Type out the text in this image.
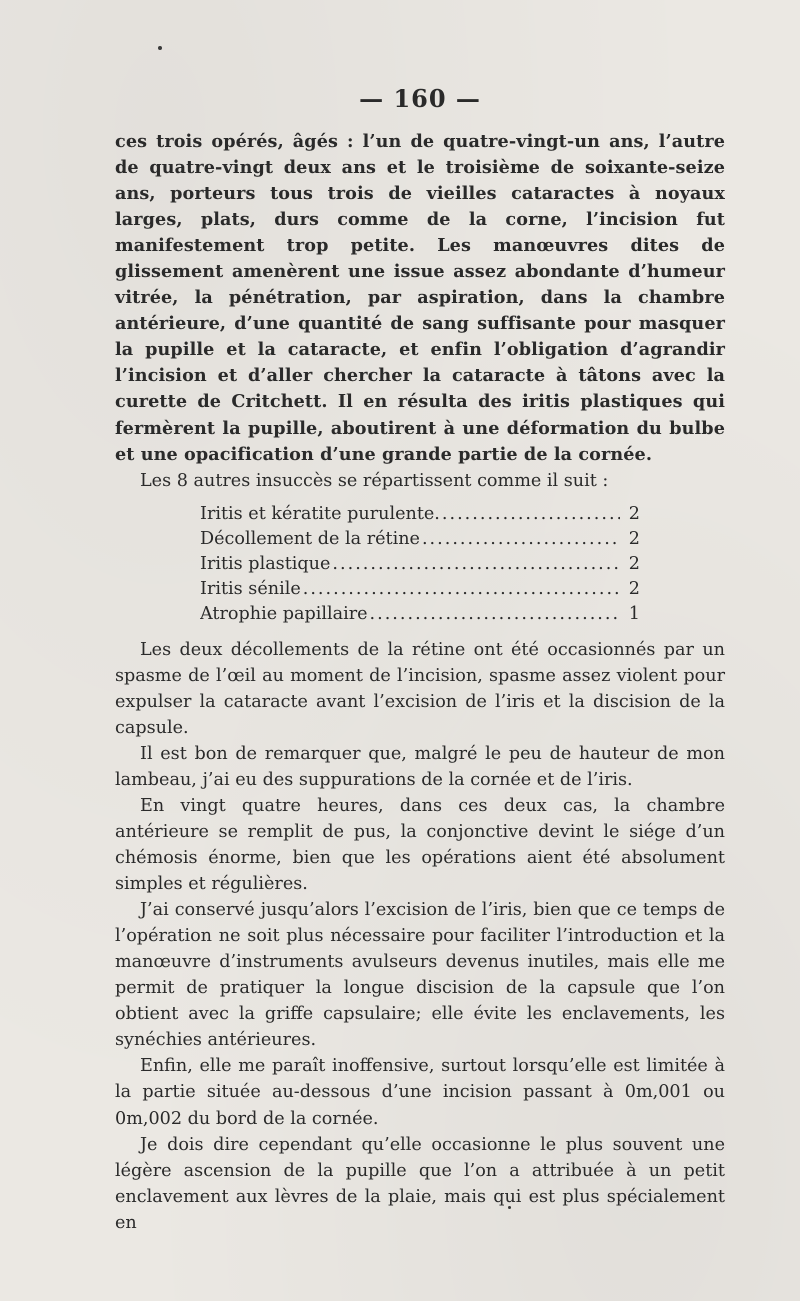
— 160 —

ces trois opérés, âgés : l’un de quatre-vingt-un ans, l’autre de quatre-vingt deux ans et le troisième de soixante-seize ans, porteurs tous trois de vieilles cataractes à noyaux larges, plats, durs comme de la corne, l’incision fut manifestement trop petite. Les manœuvres dites de glissement amenèrent une issue assez abondante d’humeur vitrée, la pénétration, par aspiration, dans la chambre antérieure, d’une quantité de sang suffisante pour masquer la pupille et la cataracte, et enfin l’obligation d’agrandir l’incision et d’aller chercher la cataracte à tâtons avec la curette de Critchett. Il en résulta des iritis plastiques qui fermèrent la pupille, aboutirent à une déformation du bulbe et une opacification d’une grande partie de la cornée.

Les 8 autres insuccès se répartissent comme il suit :

Iritis et kératite purulente. .....	2
Décollement de la rétine .....	2
Iritis plastique .....	2
Iritis sénile .....	2
Atrophie papillaire .....	1

Les deux décollements de la rétine ont été occasionnés par un spasme de l’œil au moment de l’incision, spasme assez violent pour expulser la cataracte avant l’excision de l’iris et la discision de la capsule.

Il est bon de remarquer que, malgré le peu de hauteur de mon lambeau, j’ai eu des suppurations de la cornée et de l’iris.

En vingt quatre heures, dans ces deux cas, la chambre antérieure se remplit de pus, la conjonctive devint le siége d’un chémosis énorme, bien que les opérations aient été absolument simples et régulières.

J’ai conservé jusqu’alors l’excision de l’iris, bien que ce temps de l’opération ne soit plus nécessaire pour faciliter l’introduction et la manœuvre d’instruments avulseurs devenus inutiles, mais elle me permit de pratiquer la longue discision de la capsule que l’on obtient avec la griffe capsulaire; elle évite les enclavements, les synéchies antérieures.

Enfin, elle me paraît inoffensive, surtout lorsqu’elle est limitée à la partie située au-dessous d’une incision passant à 0m,001 ou 0m,002 du bord de la cornée.

Je dois dire cependant qu’elle occasionne le plus souvent une légère ascension de la pupille que l’on a attribuée à un petit enclavement aux lèvres de la plaie, mais qui est plus spécialement en
